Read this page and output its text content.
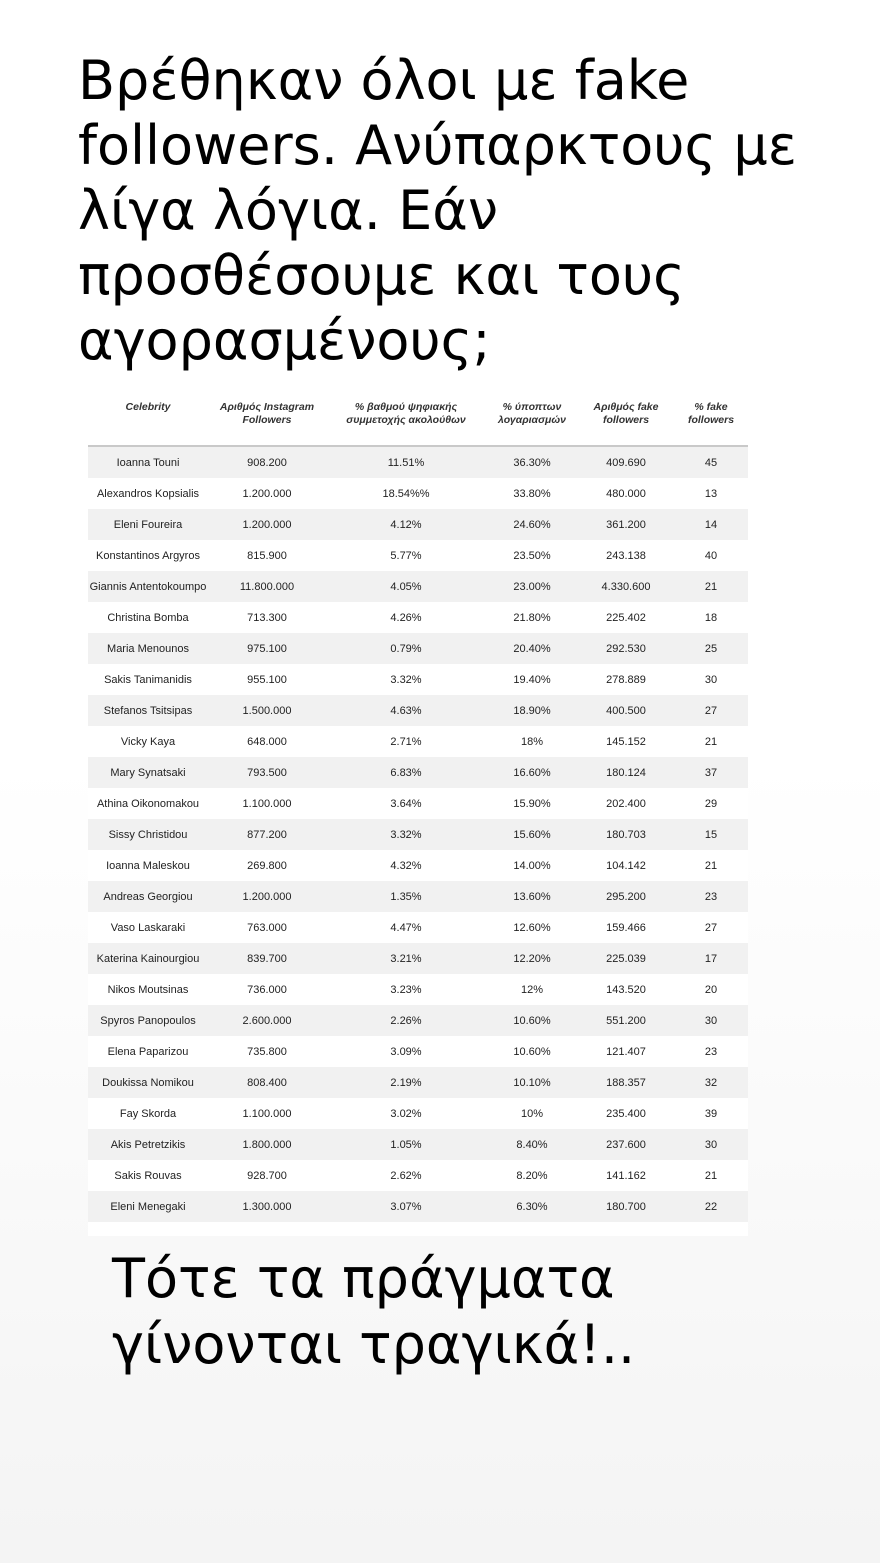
Βρέθηκαν όλοι με fake followers. Ανύπαρκτους με λίγα λόγια. Εάν προσθέσουμε και τους αγορασμένους;
Celebrity	Αριθμός Instagram Followers	% βαθμού ψηφιακής συμμετοχής ακολούθων	% ύποπτων λογαριασμών	Αριθμός fake followers	% fake followers
Ioanna Touni	908.200	11.51%	36.30%	409.690	45
Alexandros Kopsialis	1.200.000	18.54%%	33.80%	480.000	13
Eleni Foureira	1.200.000	4.12%	24.60%	361.200	14
Konstantinos Argyros	815.900	5.77%	23.50%	243.138	40
Giannis Antentokoumpo	11.800.000	4.05%	23.00%	4.330.600	21
Christina Bomba	713.300	4.26%	21.80%	225.402	18
Maria Menounos	975.100	0.79%	20.40%	292.530	25
Sakis Tanimanidis	955.100	3.32%	19.40%	278.889	30
Stefanos Tsitsipas	1.500.000	4.63%	18.90%	400.500	27
Vicky Kaya	648.000	2.71%	18%	145.152	21
Mary Synatsaki	793.500	6.83%	16.60%	180.124	37
Athina Oikonomakou	1.100.000	3.64%	15.90%	202.400	29
Sissy Christidou	877.200	3.32%	15.60%	180.703	15
Ioanna Maleskou	269.800	4.32%	14.00%	104.142	21
Andreas Georgiou	1.200.000	1.35%	13.60%	295.200	23
Vaso Laskaraki	763.000	4.47%	12.60%	159.466	27
Katerina Kainourgiou	839.700	3.21%	12.20%	225.039	17
Nikos Moutsinas	736.000	3.23%	12%	143.520	20
Spyros Panopoulos	2.600.000	2.26%	10.60%	551.200	30
Elena Paparizou	735.800	3.09%	10.60%	121.407	23
Doukissa Nomikou	808.400	2.19%	10.10%	188.357	32
Fay Skorda	1.100.000	3.02%	10%	235.400	39
Akis Petretzikis	1.800.000	1.05%	8.40%	237.600	30
Sakis Rouvas	928.700	2.62%	8.20%	141.162	21
Eleni Menegaki	1.300.000	3.07%	6.30%	180.700	22

Τότε τα πράγματα γίνονται τραγικά!..
